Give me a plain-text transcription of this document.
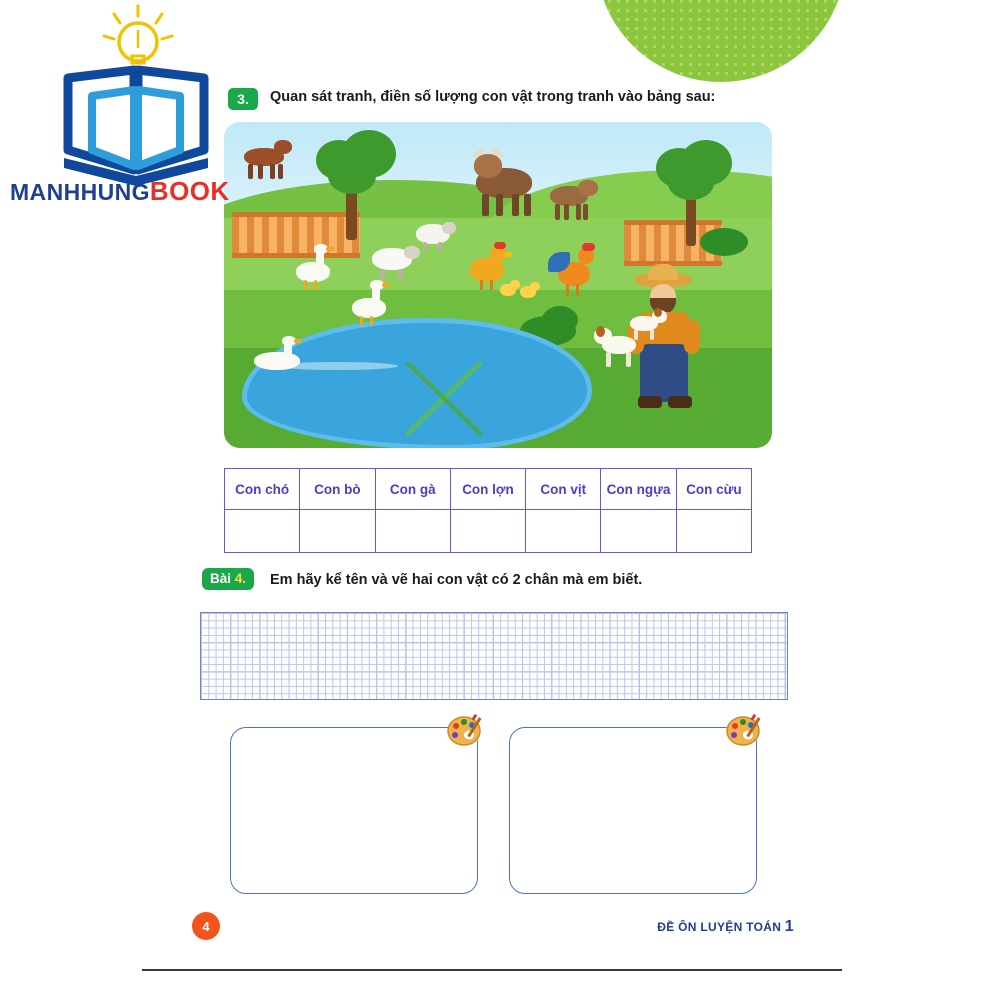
MANHHUNGBOOK
3.	Quan sát tranh, điền số lượng con vật trong tranh vào bảng sau:
Con chó	Con bò	Con gà	Con lợn	Con vịt	Con ngựa	Con cừu

Bài 4.	Em hãy kể tên và vẽ hai con vật có 2 chân mà em biết.
4	ĐỀ ÔN LUYỆN TOÁN 1
